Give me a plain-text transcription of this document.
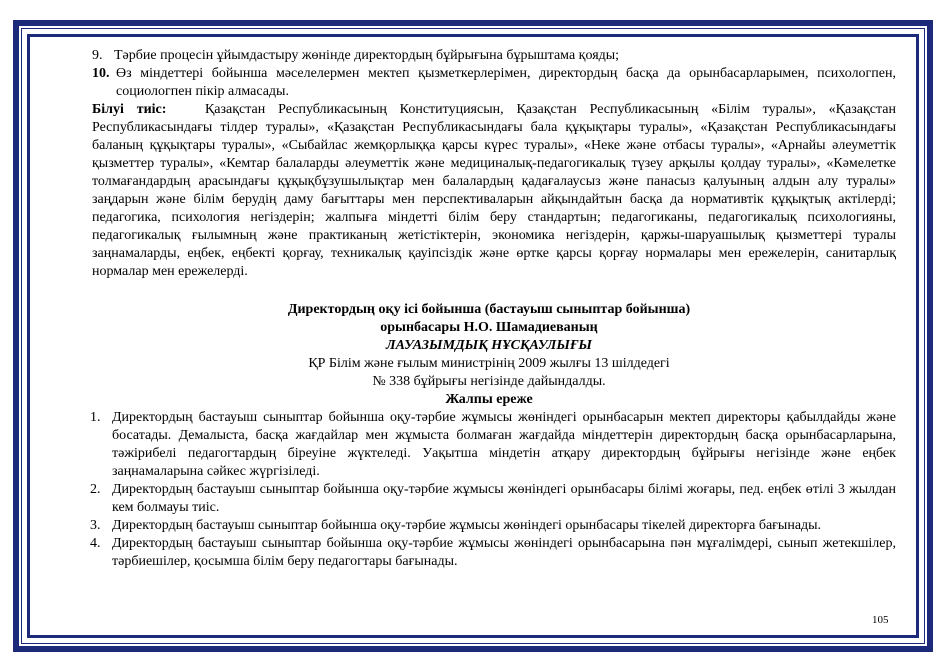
9. Тәрбие процесін ұйымдастыру жөнінде директордың бұйрығына бұрыштама қояды;
10. Өз міндеттері бойынша мәселелермен мектеп қызметкерлерімен, директордың басқа да орынбасарларымен, психологпен, социологпен пікір алмасады.

Білуі тиіс:	Қазақстан Республикасының Конституциясын, Қазақстан Республикасының «Білім туралы», «Қазақстан Республикасындағы тілдер туралы», «Қазақстан Республикасындағы бала құқықтары туралы», «Қазақстан Республикасындағы баланың құқықтары туралы», «Сыбайлас жемқорлыққа қарсы күрес туралы», «Неке және отбасы туралы», «Арнайы әлеуметтік қызметтер туралы», «Кемтар балаларды әлеуметтік және медициналық-педагогикалық түзеу арқылы қолдау туралы», «Кәмелетке толмағандардың арасындағы құқықбұзушылықтар мен балалардың қадағалаусыз және панасыз қалуының алдын алу туралы» заңдарын және білім берудің даму бағыттары мен перспективаларын айқындайтын басқа да нормативтік құқықтық актілерді; педагогика, психология негіздерін; жалпыға міндетті білім беру стандартын; педагогиканы, педагогикалық психологияны, педагогикалық ғылымның және практиканың жетістіктерін, экономика негіздерін, қаржы-шаруашылық қызметтері туралы заңнамаларды, еңбек, еңбекті қорғау, техникалық қауіпсіздік және өртке қарсы қорғау нормалары мен ережелерін, санитарлық нормалар мен ережелерді.

Директордың оқу ісі бойынша (бастауыш сыныптар бойынша)
орынбасары Н.О. Шамадиеваның
ЛАУАЗЫМДЫҚ НҰСҚАУЛЫҒЫ
ҚР Білім және ғылым министрінің 2009 жылғы 13 шілдедегі
№ 338 бұйрығы негізінде дайындалды.
Жалпы ереже
1. Директордың бастауыш сыныптар бойынша оқу-тәрбие жұмысы жөніндегі орынбасарын мектеп директоры қабылдайды және босатады. Демалыста, басқа жағдайлар мен жұмыста болмаған жағдайда міндеттерін директордың басқа орынбасарларына, тәжірибелі педагогтардың біреуіне жүктеледі. Уақытша міндетін атқару директордың бұйрығы негізінде және еңбек заңнамаларына сәйкес жүргізіледі.
2. Директордың бастауыш сыныптар бойынша оқу-тәрбие жұмысы жөніндегі орынбасары білімі жоғары, пед. еңбек өтілі 3 жылдан кем болмауы тиіс.
3. Директордың бастауыш сыныптар бойынша оқу-тәрбие жұмысы жөніндегі орынбасары тікелей директорға бағынады.
4. Директордың бастауыш сыныптар бойынша оқу-тәрбие жұмысы жөніндегі орынбасарына пән мұғалімдері, сынып жетекшілер, тәрбиешілер, қосымша білім беру педагогтары бағынады.
105
